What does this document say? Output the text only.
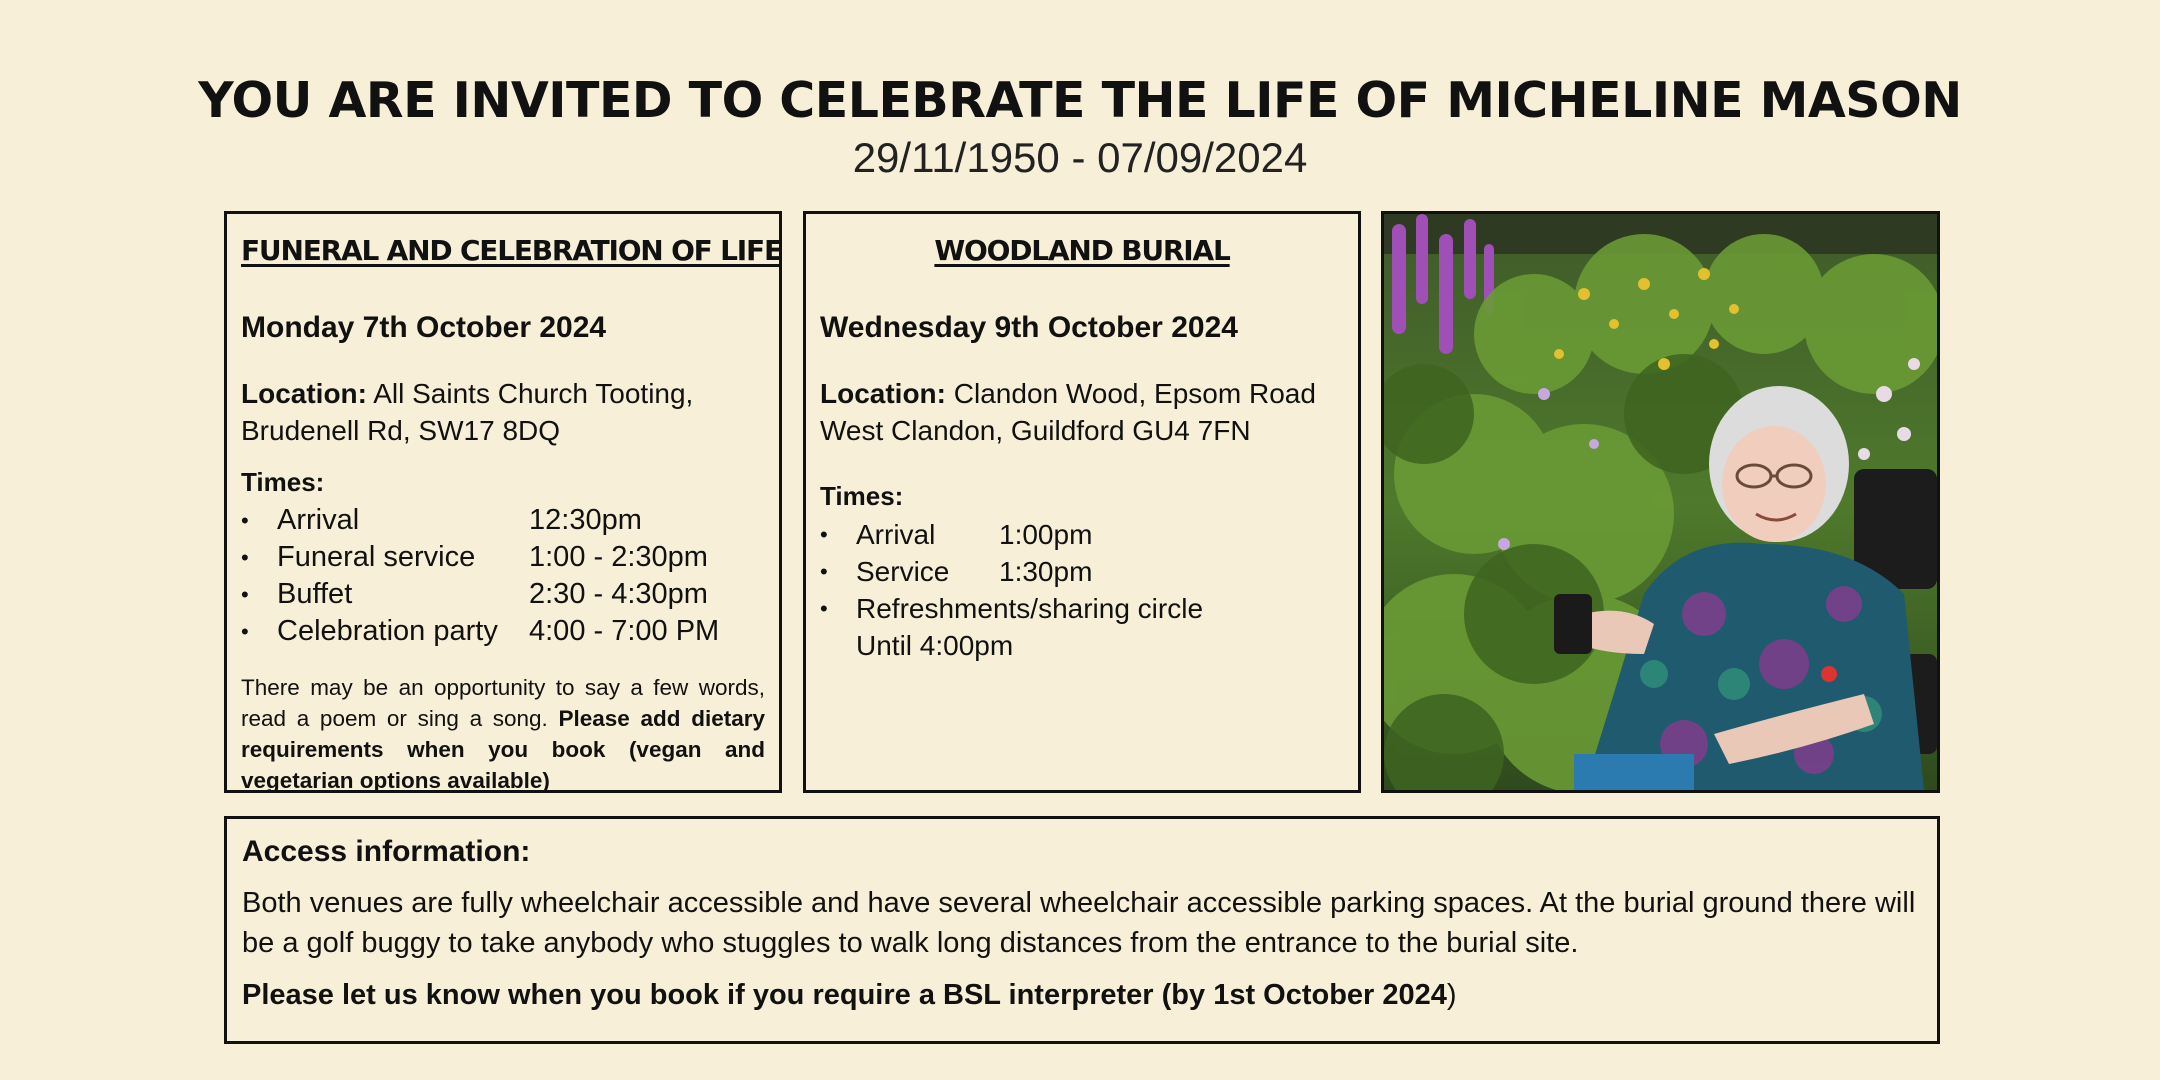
YOU ARE INVITED TO CELEBRATE THE LIFE OF MICHELINE MASON
29/11/1950 - 07/09/2024
FUNERAL AND CELEBRATION OF LIFE
Monday 7th October 2024
Location: All Saints Church Tooting,
Brudenell Rd, SW17 8DQ
Times:
•	Arrival	12:30pm
•	Funeral service	1:00 - 2:30pm
•	Buffet	2:30 - 4:30pm
•	Celebration party	4:00 - 7:00 PM
There may be an opportunity to say a few words, read a poem or sing a song. Please add dietary requirements when you book (vegan and vegetarian options available)
WOODLAND BURIAL
Wednesday 9th October 2024
Location: Clandon Wood, Epsom Road
West Clandon, Guildford GU4 7FN
Times:
•	Arrival	1:00pm
•	Service	1:30pm
•	Refreshments/sharing circle	
	Until 4:00pm	
Access information:
Both venues are fully wheelchair accessible and have several wheelchair accessible parking spaces. At the burial ground there will be a golf buggy to take anybody who stuggles to walk long distances from the entrance to the burial site.
Please let us know when you book if you require a BSL interpreter (by 1st October 2024)
